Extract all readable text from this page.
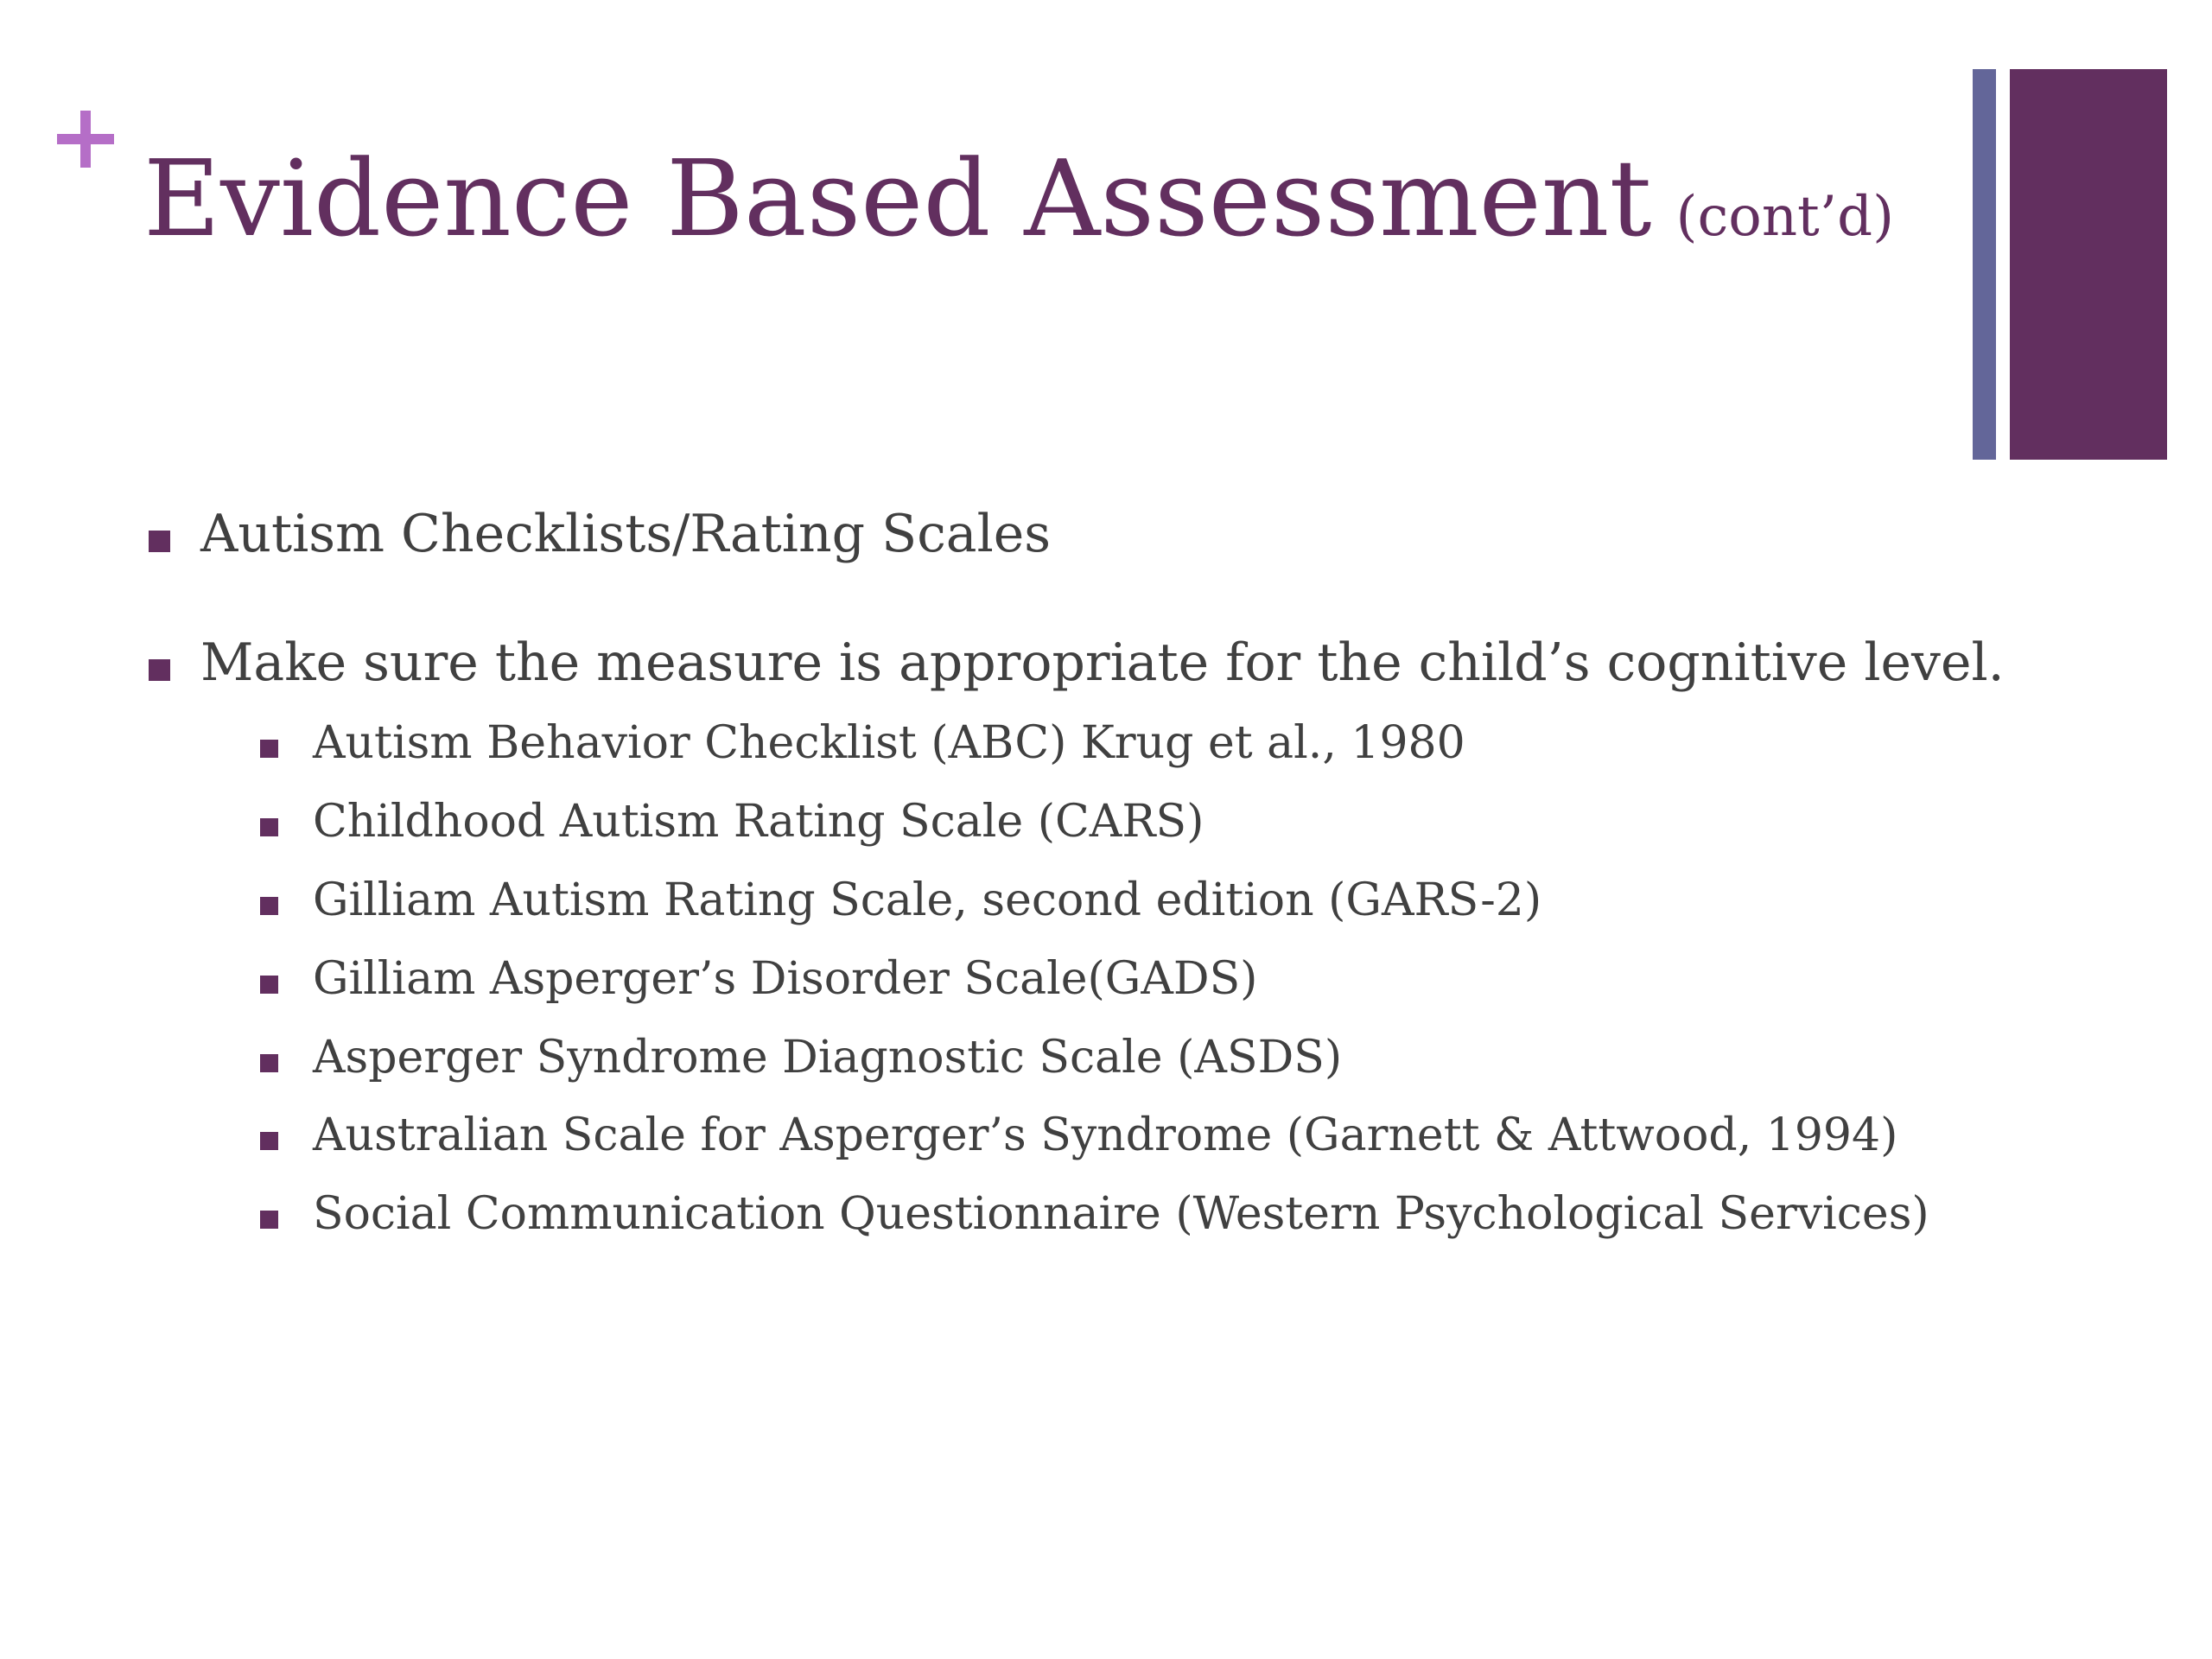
Evidence Based Assessment (cont’d)
Autism Checklists/Rating Scales
Make sure the measure is appropriate for the child’s cognitive level.
Autism Behavior Checklist (ABC) Krug et al., 1980
Childhood Autism Rating Scale (CARS)
Gilliam Autism Rating Scale, second edition (GARS-2)
Gilliam Asperger’s Disorder Scale(GADS)
Asperger Syndrome Diagnostic Scale (ASDS)
Australian Scale for Asperger’s Syndrome (Garnett & Attwood, 1994)
Social Communication Questionnaire (Western Psychological Services)
